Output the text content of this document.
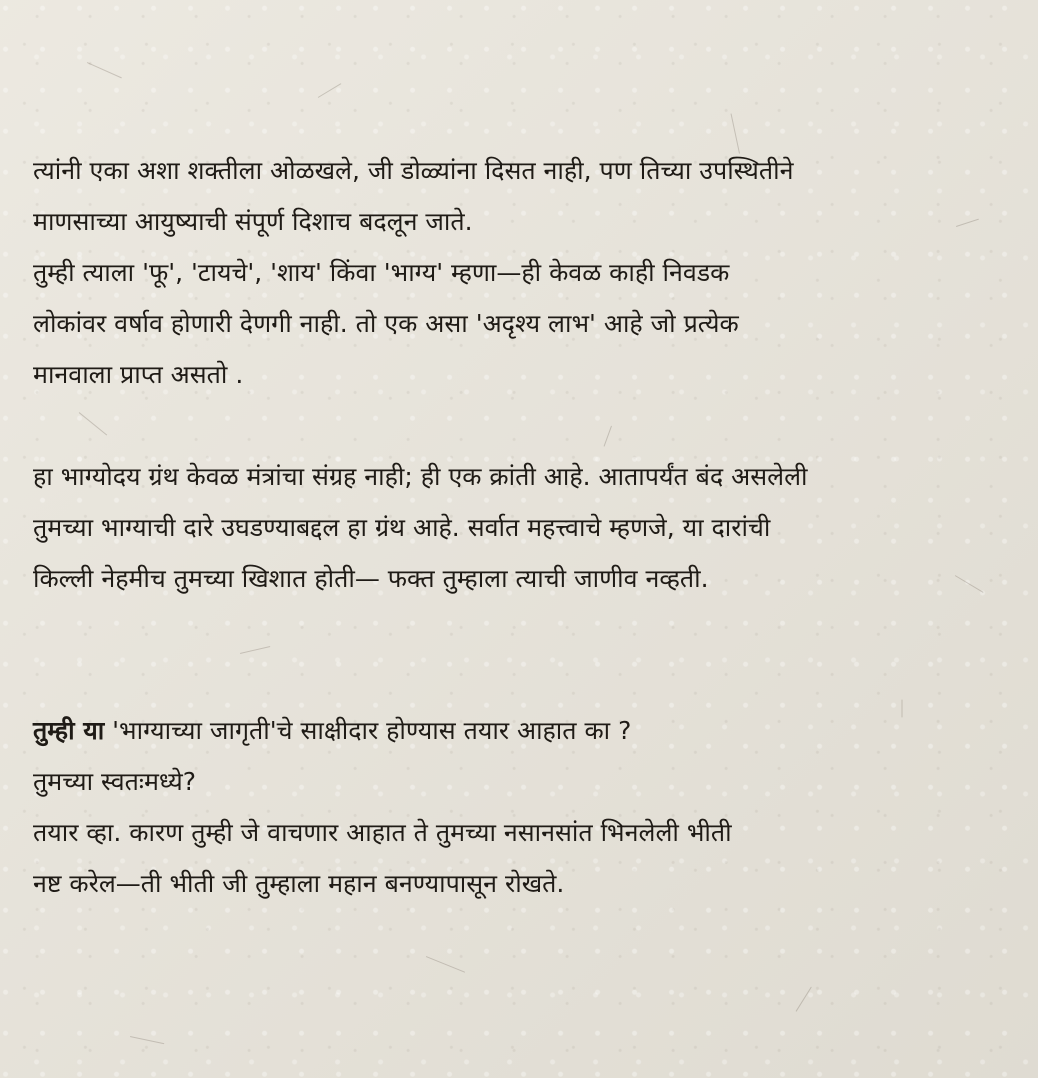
त्यांनी एका अशा शक्तीला ओळखले, जी डोळ्यांना दिसत नाही, पण तिच्या उपस्थितीने
माणसाच्या आयुष्याची संपूर्ण दिशाच बदलून जाते.
तुम्ही त्याला 'फू', 'टायचे', 'शाय' किंवा 'भाग्य' म्हणा—ही केवळ काही निवडक
लोकांवर वर्षाव होणारी देणगी नाही. तो एक असा 'अदृश्य लाभ' आहे जो प्रत्येक
मानवाला प्राप्त असतो .
हा भाग्योदय ग्रंथ केवळ मंत्रांचा संग्रह नाही; ही एक क्रांती आहे. आतापर्यंत बंद असलेली
तुमच्या भाग्याची दारे उघडण्याबद्दल हा ग्रंथ आहे. सर्वात महत्त्वाचे म्हणजे, या दारांची
किल्ली नेहमीच तुमच्या खिशात होती— फक्त तुम्हाला त्याची जाणीव नव्हती.
तुम्ही या 'भाग्याच्या जागृती'चे साक्षीदार होण्यास तयार आहात का ?
तुमच्या स्वतःमध्ये?
तयार व्हा. कारण तुम्ही जे वाचणार आहात ते तुमच्या नसानसांत भिनलेली भीती
नष्ट करेल—ती भीती जी तुम्हाला महान बनण्यापासून रोखते.
